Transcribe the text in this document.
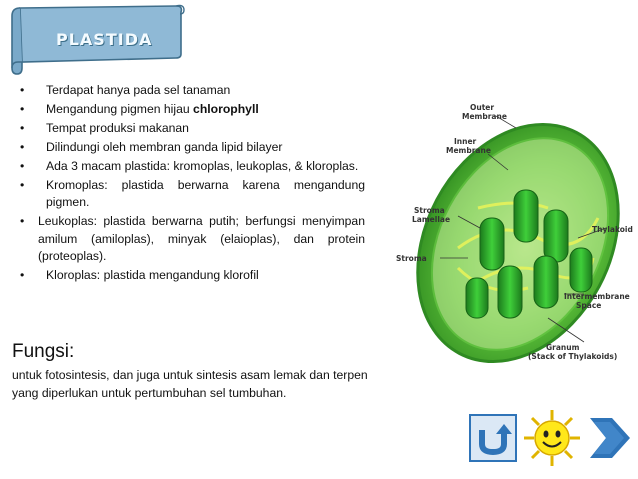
PLASTIDA
• Terdapat hanya pada sel tanaman
• Mengandung pigmen hijau chlorophyll
• Tempat produksi makanan
• Dilindungi oleh membran ganda lipid bilayer
• Ada 3 macam plastida: kromoplas, leukoplas, & kloroplas.
• Kromoplas: plastida berwarna karena mengandung pigmen.
• Leukoplas: plastida berwarna putih; berfungsi menyimpan amilum (amiloplas), minyak (elaioplas), dan protein (proteoplas).
• Kloroplas: plastida mengandung klorofil
Fungsi:
untuk fotosintesis, dan juga untuk sintesis asam lemak dan terpen yang diperlukan untuk pertumbuhan sel tumbuhan.
Outer
Membrane
Inner
Membrane
Stroma
Lamellae
Stroma
Thylakoid
Intermembrane
Space
Granum
(Stack of Thylakoids)
